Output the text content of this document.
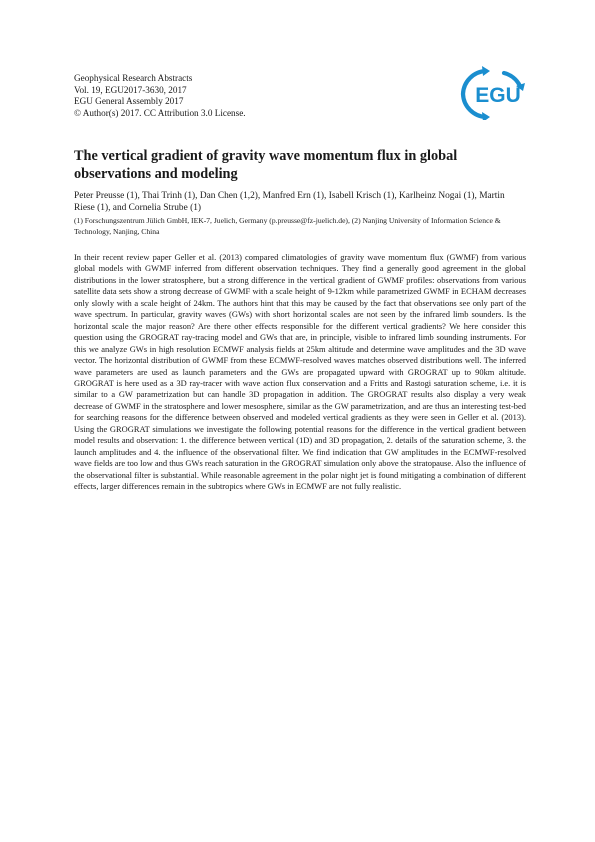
Geophysical Research Abstracts
Vol. 19, EGU2017-3630, 2017
EGU General Assembly 2017
© Author(s) 2017. CC Attribution 3.0 License.
EGU
The vertical gradient of gravity wave momentum flux in global observations and modeling
Peter Preusse (1), Thai Trinh (1), Dan Chen (1,2), Manfred Ern (1), Isabell Krisch (1), Karlheinz Nogai (1), Martin Riese (1), and Cornelia Strube (1)
(1) Forschungszentrum Jülich GmbH, IEK-7, Juelich, Germany (p.preusse@fz-juelich.de), (2) Nanjing University of Information Science & Technology, Nanjing, China

In their recent review paper Geller et al. (2013) compared climatologies of gravity wave momentum flux (GWMF) from various global models with GWMF inferred from different observation techniques. They find a generally good agreement in the global distributions in the lower stratosphere, but a strong difference in the vertical gradient of GWMF profiles: observations from various satellite data sets show a strong decrease of GWMF with a scale height of 9-12km while parametrized GWMF in ECHAM decreases only slowly with a scale height of 24km. The authors hint that this may be caused by the fact that observations see only part of the wave spectrum. In particular, gravity waves (GWs) with short horizontal scales are not seen by the infrared limb sounders. Is the horizontal scale the major reason? Are there other effects responsible for the different vertical gradients? We here consider this question using the GROGRAT ray-tracing model and GWs that are, in principle, visible to infrared limb sounding instruments. For this we analyze GWs in high resolution ECMWF analysis fields at 25km altitude and determine wave amplitudes and the 3D wave vector. The horizontal distribution of GWMF from these ECMWF-resolved waves matches observed distributions well. The inferred wave parameters are used as launch parameters and the GWs are propagated upward with GROGRAT up to 90km altitude. GROGRAT is here used as a 3D ray-tracer with wave action flux conservation and a Fritts and Rastogi saturation scheme, i.e. it is similar to a GW parametrization but can handle 3D propagation in addition. The GROGRAT results also display a very weak decrease of GWMF in the stratosphere and lower mesosphere, similar as the GW parametrization, and are thus an interesting test-bed for searching reasons for the difference between observed and modeled vertical gradients as they were seen in Geller et al. (2013). Using the GROGRAT simulations we investigate the following potential reasons for the difference in the vertical gradient between model results and observation: 1. the difference between vertical (1D) and 3D propagation, 2. details of the saturation scheme, 3. the launch amplitudes and 4. the influence of the observational filter. We find indication that GW amplitudes in the ECMWF-resolved wave fields are too low and thus GWs reach saturation in the GROGRAT simulation only above the stratopause. Also the influence of the observational filter is substantial. While reasonable agreement in the polar night jet is found mitigating a combination of different effects, larger differences remain in the subtropics where GWs in ECMWF are not fully realistic.
